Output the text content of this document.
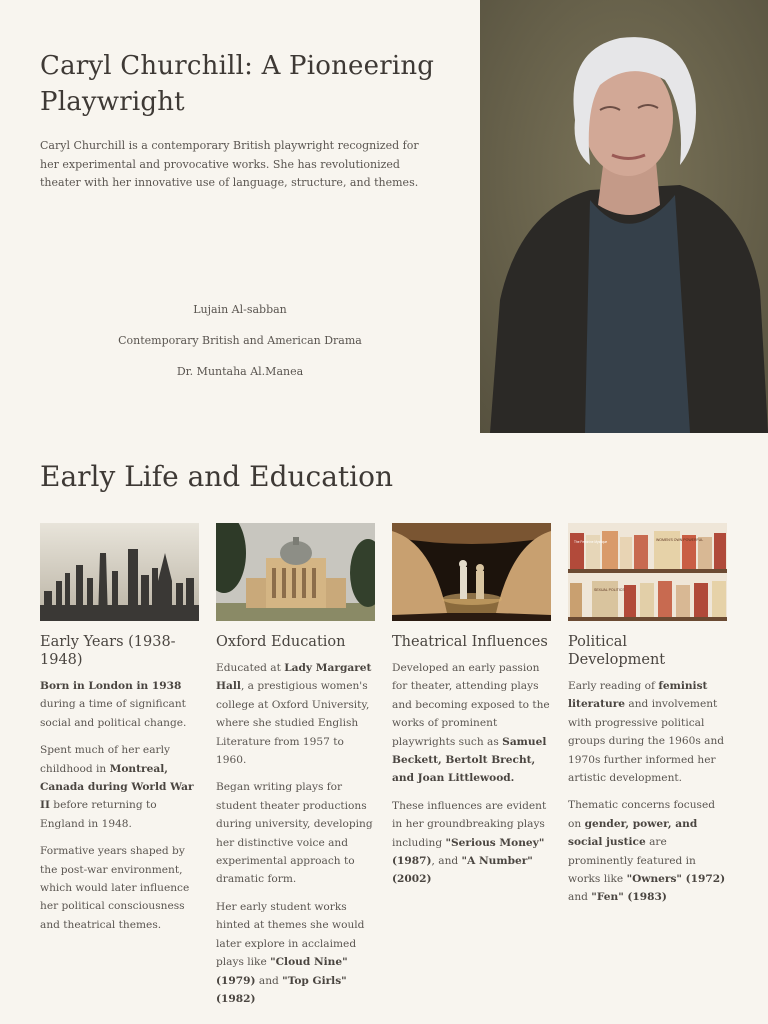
Caryl Churchill: A Pioneering Playwright

Caryl Churchill is a contemporary British playwright recognized for her experimental and provocative works. She has revolutionized theater with her innovative use of language, structure, and themes.

Lujain Al-sabban

Contemporary British and American Drama

Dr. Muntaha Al.Manea

Early Life and Education
Early Years (1938-1948)

Born in London in 1938 during a time of significant social and political change.

Spent much of her early childhood in Montreal, Canada during World War II before returning to England in 1948.

Formative years shaped by the post-war environment, which would later influence her political consciousness and theatrical themes.

Oxford Education

Educated at Lady Margaret Hall, a prestigious women's college at Oxford University, where she studied English Literature from 1957 to 1960.

Began writing plays for student theater productions during university, developing her distinctive voice and experimental approach to dramatic form.

Her early student works hinted at themes she would later explore in acclaimed plays like "Cloud Nine" (1979) and "Top Girls" (1982)

Theatrical Influences

Developed an early passion for theater, attending plays and becoming exposed to the works of prominent playwrights such as Samuel Beckett, Bertolt Brecht, and Joan Littlewood.

These influences are evident in her groundbreaking plays including "Serious Money" (1987), and "A Number" (2002)

The Feminine Mystique	WOMEN'S OWN POWERFUL
SEXUAL POLITICS
Political Development

Early reading of feminist literature and involvement with progressive political groups during the 1960s and 1970s further informed her artistic development.

Thematic concerns focused on gender, power, and social justice are prominently featured in works like "Owners" (1972) and "Fen" (1983)
